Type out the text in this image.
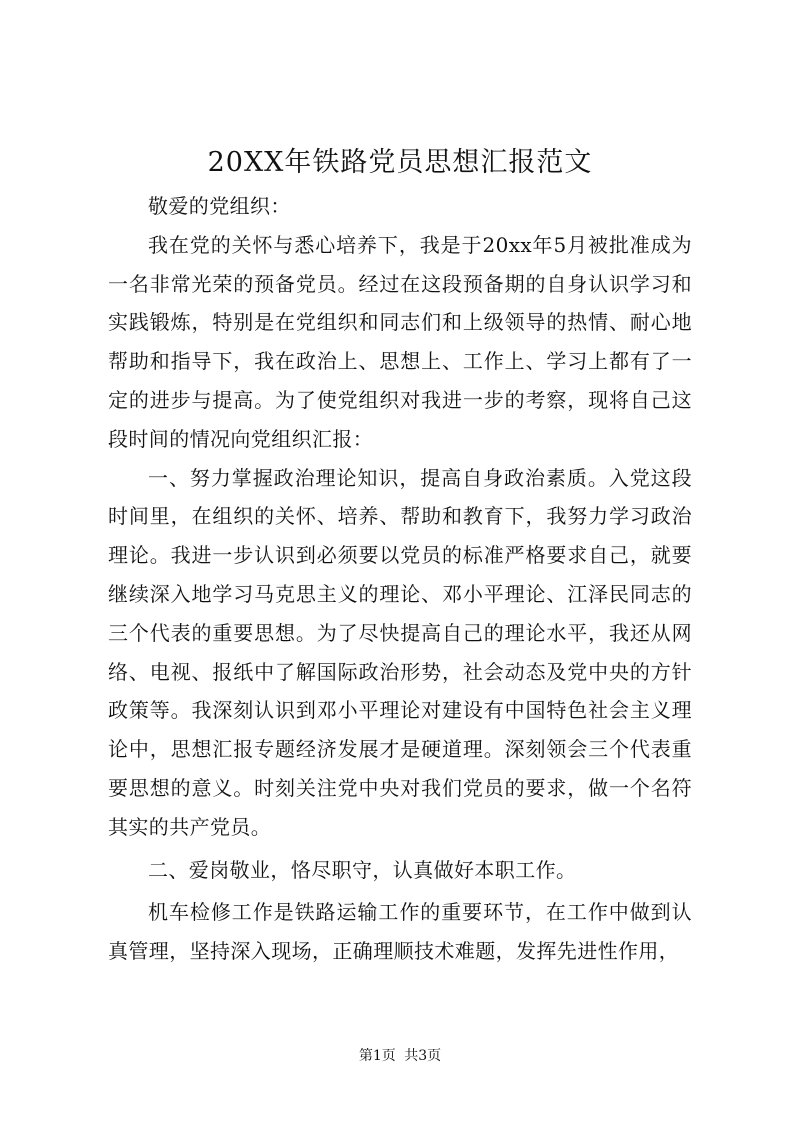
20XX年铁路党员思想汇报范文

敬爱的党组织：

我在党的关怀与悉心培养下，我是于20xx年5月被批准成为一名非常光荣的预备党员。经过在这段预备期的自身认识学习和实践锻炼，特别是在党组织和同志们和上级领导的热情、耐心地帮助和指导下，我在政治上、思想上、工作上、学习上都有了一定的进步与提高。为了使党组织对我进一步的考察，现将自己这段时间的情况向党组织汇报：

一、努力掌握政治理论知识，提高自身政治素质。入党这段时间里，在组织的关怀、培养、帮助和教育下，我努力学习政治理论。我进一步认识到必须要以党员的标准严格要求自己，就要继续深入地学习马克思主义的理论、邓小平理论、江泽民同志的三个代表的重要思想。为了尽快提高自己的理论水平，我还从网络、电视、报纸中了解国际政治形势，社会动态及党中央的方针政策等。我深刻认识到邓小平理论对建设有中国特色社会主义理论中，思想汇报专题经济发展才是硬道理。深刻领会三个代表重要思想的意义。时刻关注党中央对我们党员的要求，做一个名符其实的共产党员。

二、爱岗敬业，恪尽职守，认真做好本职工作。

机车检修工作是铁路运输工作的重要环节，在工作中做到认真管理，坚持深入现场，正确理顺技术难题，发挥先进性作用，

第1页 共3页
